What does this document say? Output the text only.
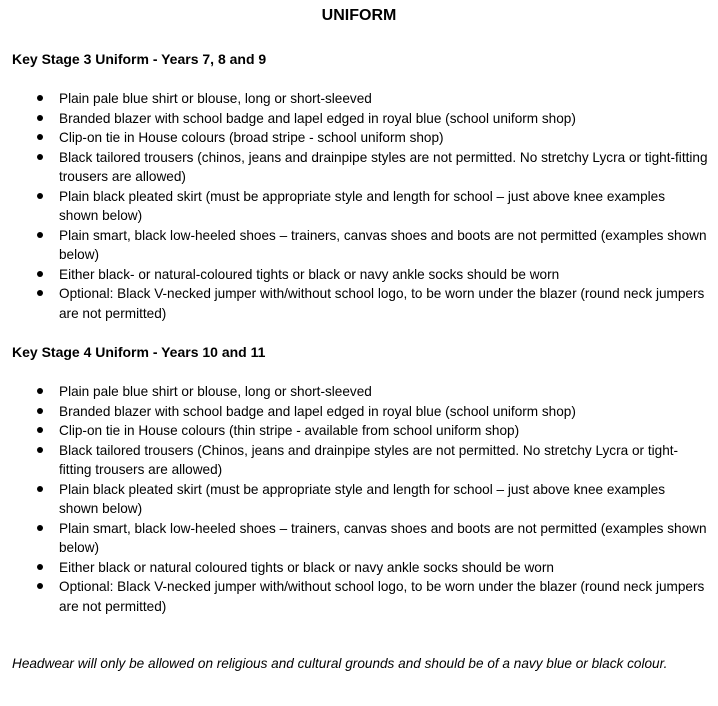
UNIFORM
Key Stage 3 Uniform - Years 7, 8 and 9
Plain pale blue shirt or blouse, long or short-sleeved
Branded blazer with school badge and lapel edged in royal blue (school uniform shop)
Clip-on tie in House colours (broad stripe - school uniform shop)
Black tailored trousers (chinos, jeans and drainpipe styles are not permitted. No stretchy Lycra or tight-fitting trousers are allowed)
Plain black pleated skirt (must be appropriate style and length for school – just above knee examples shown below)
Plain smart, black low-heeled shoes – trainers, canvas shoes and boots are not permitted (examples shown below)
Either black- or natural-coloured tights or black or navy ankle socks should be worn
Optional: Black V-necked jumper with/without school logo, to be worn under the blazer (round neck jumpers are not permitted)
Key Stage 4 Uniform - Years 10 and 11
Plain pale blue shirt or blouse, long or short-sleeved
Branded blazer with school badge and lapel edged in royal blue (school uniform shop)
Clip-on tie in House colours (thin stripe - available from school uniform shop)
Black tailored trousers (Chinos, jeans and drainpipe styles are not permitted. No stretchy Lycra or tight-fitting trousers are allowed)
Plain black pleated skirt (must be appropriate style and length for school – just above knee examples shown below)
Plain smart, black low-heeled shoes – trainers, canvas shoes and boots are not permitted (examples shown below)
Either black or natural coloured tights or black or navy ankle socks should be worn
Optional: Black V-necked jumper with/without school logo, to be worn under the blazer (round neck jumpers are not permitted)

Headwear will only be allowed on religious and cultural grounds and should be of a navy blue or black colour.
